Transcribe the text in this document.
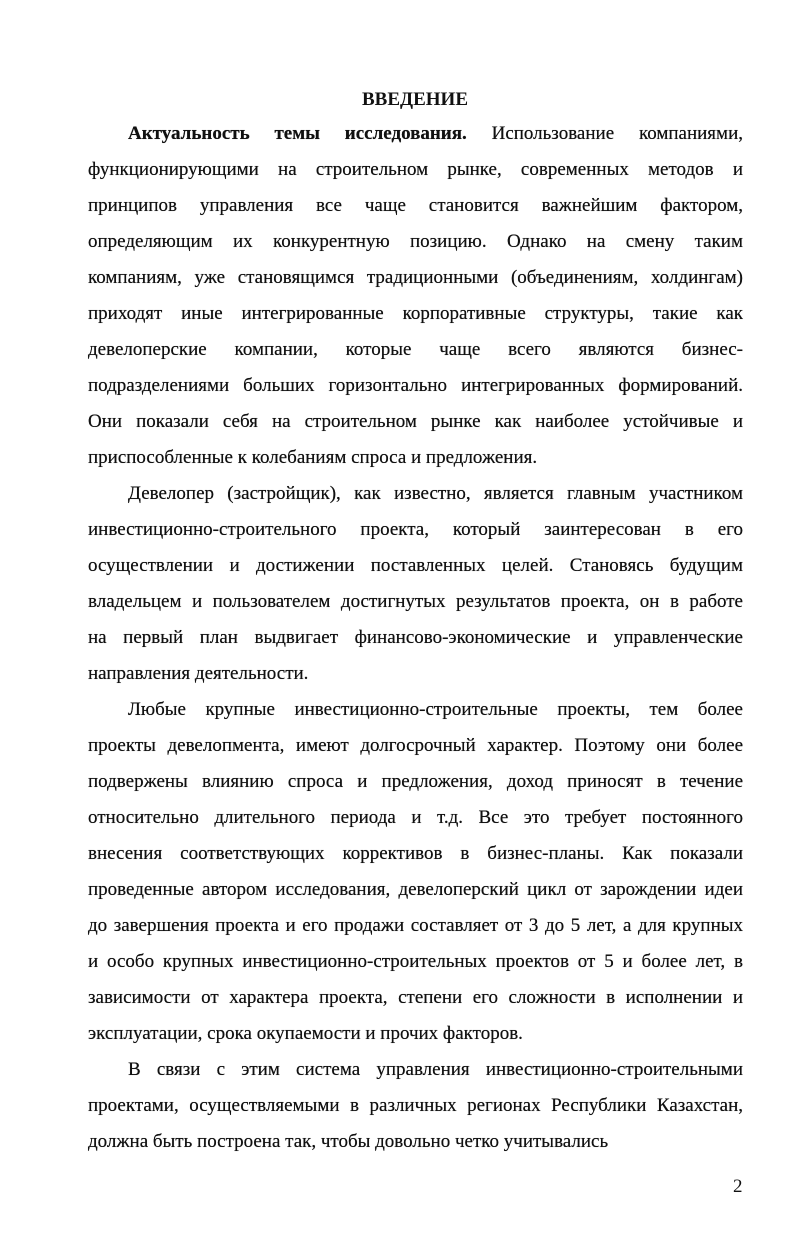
ВВЕДЕНИЕ
Актуальность темы исследования. Использование компаниями,
функционирующими на строительном рынке, современных методов и
принципов управления все чаще становится важнейшим фактором,
определяющим их конкурентную позицию. Однако на смену таким
компаниям, уже становящимся традиционными (объединениям, холдингам)
приходят иные интегрированные корпоративные структуры, такие как
девелоперские компании, которые чаще всего являются бизнес-
подразделениями больших горизонтально интегрированных формирований.
Они показали себя на строительном рынке как наиболее устойчивые и
приспособленные к колебаниям спроса и предложения.
Девелопер (застройщик), как известно, является главным участником
инвестиционно-строительного проекта, который заинтересован в его
осуществлении и достижении поставленных целей. Становясь будущим
владельцем и пользователем достигнутых результатов проекта, он в работе
на первый план выдвигает финансово-экономические и управленческие
направления деятельности.
Любые крупные инвестиционно-строительные проекты, тем более
проекты девелопмента, имеют долгосрочный характер. Поэтому они более
подвержены влиянию спроса и предложения, доход приносят в течение
относительно длительного периода и т.д. Все это требует постоянного
внесения соответствующих коррективов в бизнес-планы. Как показали
проведенные автором исследования, девелоперский цикл от зарождении идеи
до завершения проекта и его продажи составляет от 3 до 5 лет, а для крупных
и особо крупных инвестиционно-строительных проектов от 5 и более лет, в
зависимости от характера проекта, степени его сложности в исполнении и
эксплуатации, срока окупаемости и прочих факторов.
В связи с этим система управления инвестиционно-строительными
проектами, осуществляемыми в различных регионах Республики Казахстан,
должна быть построена так, чтобы довольно четко учитывались
2
